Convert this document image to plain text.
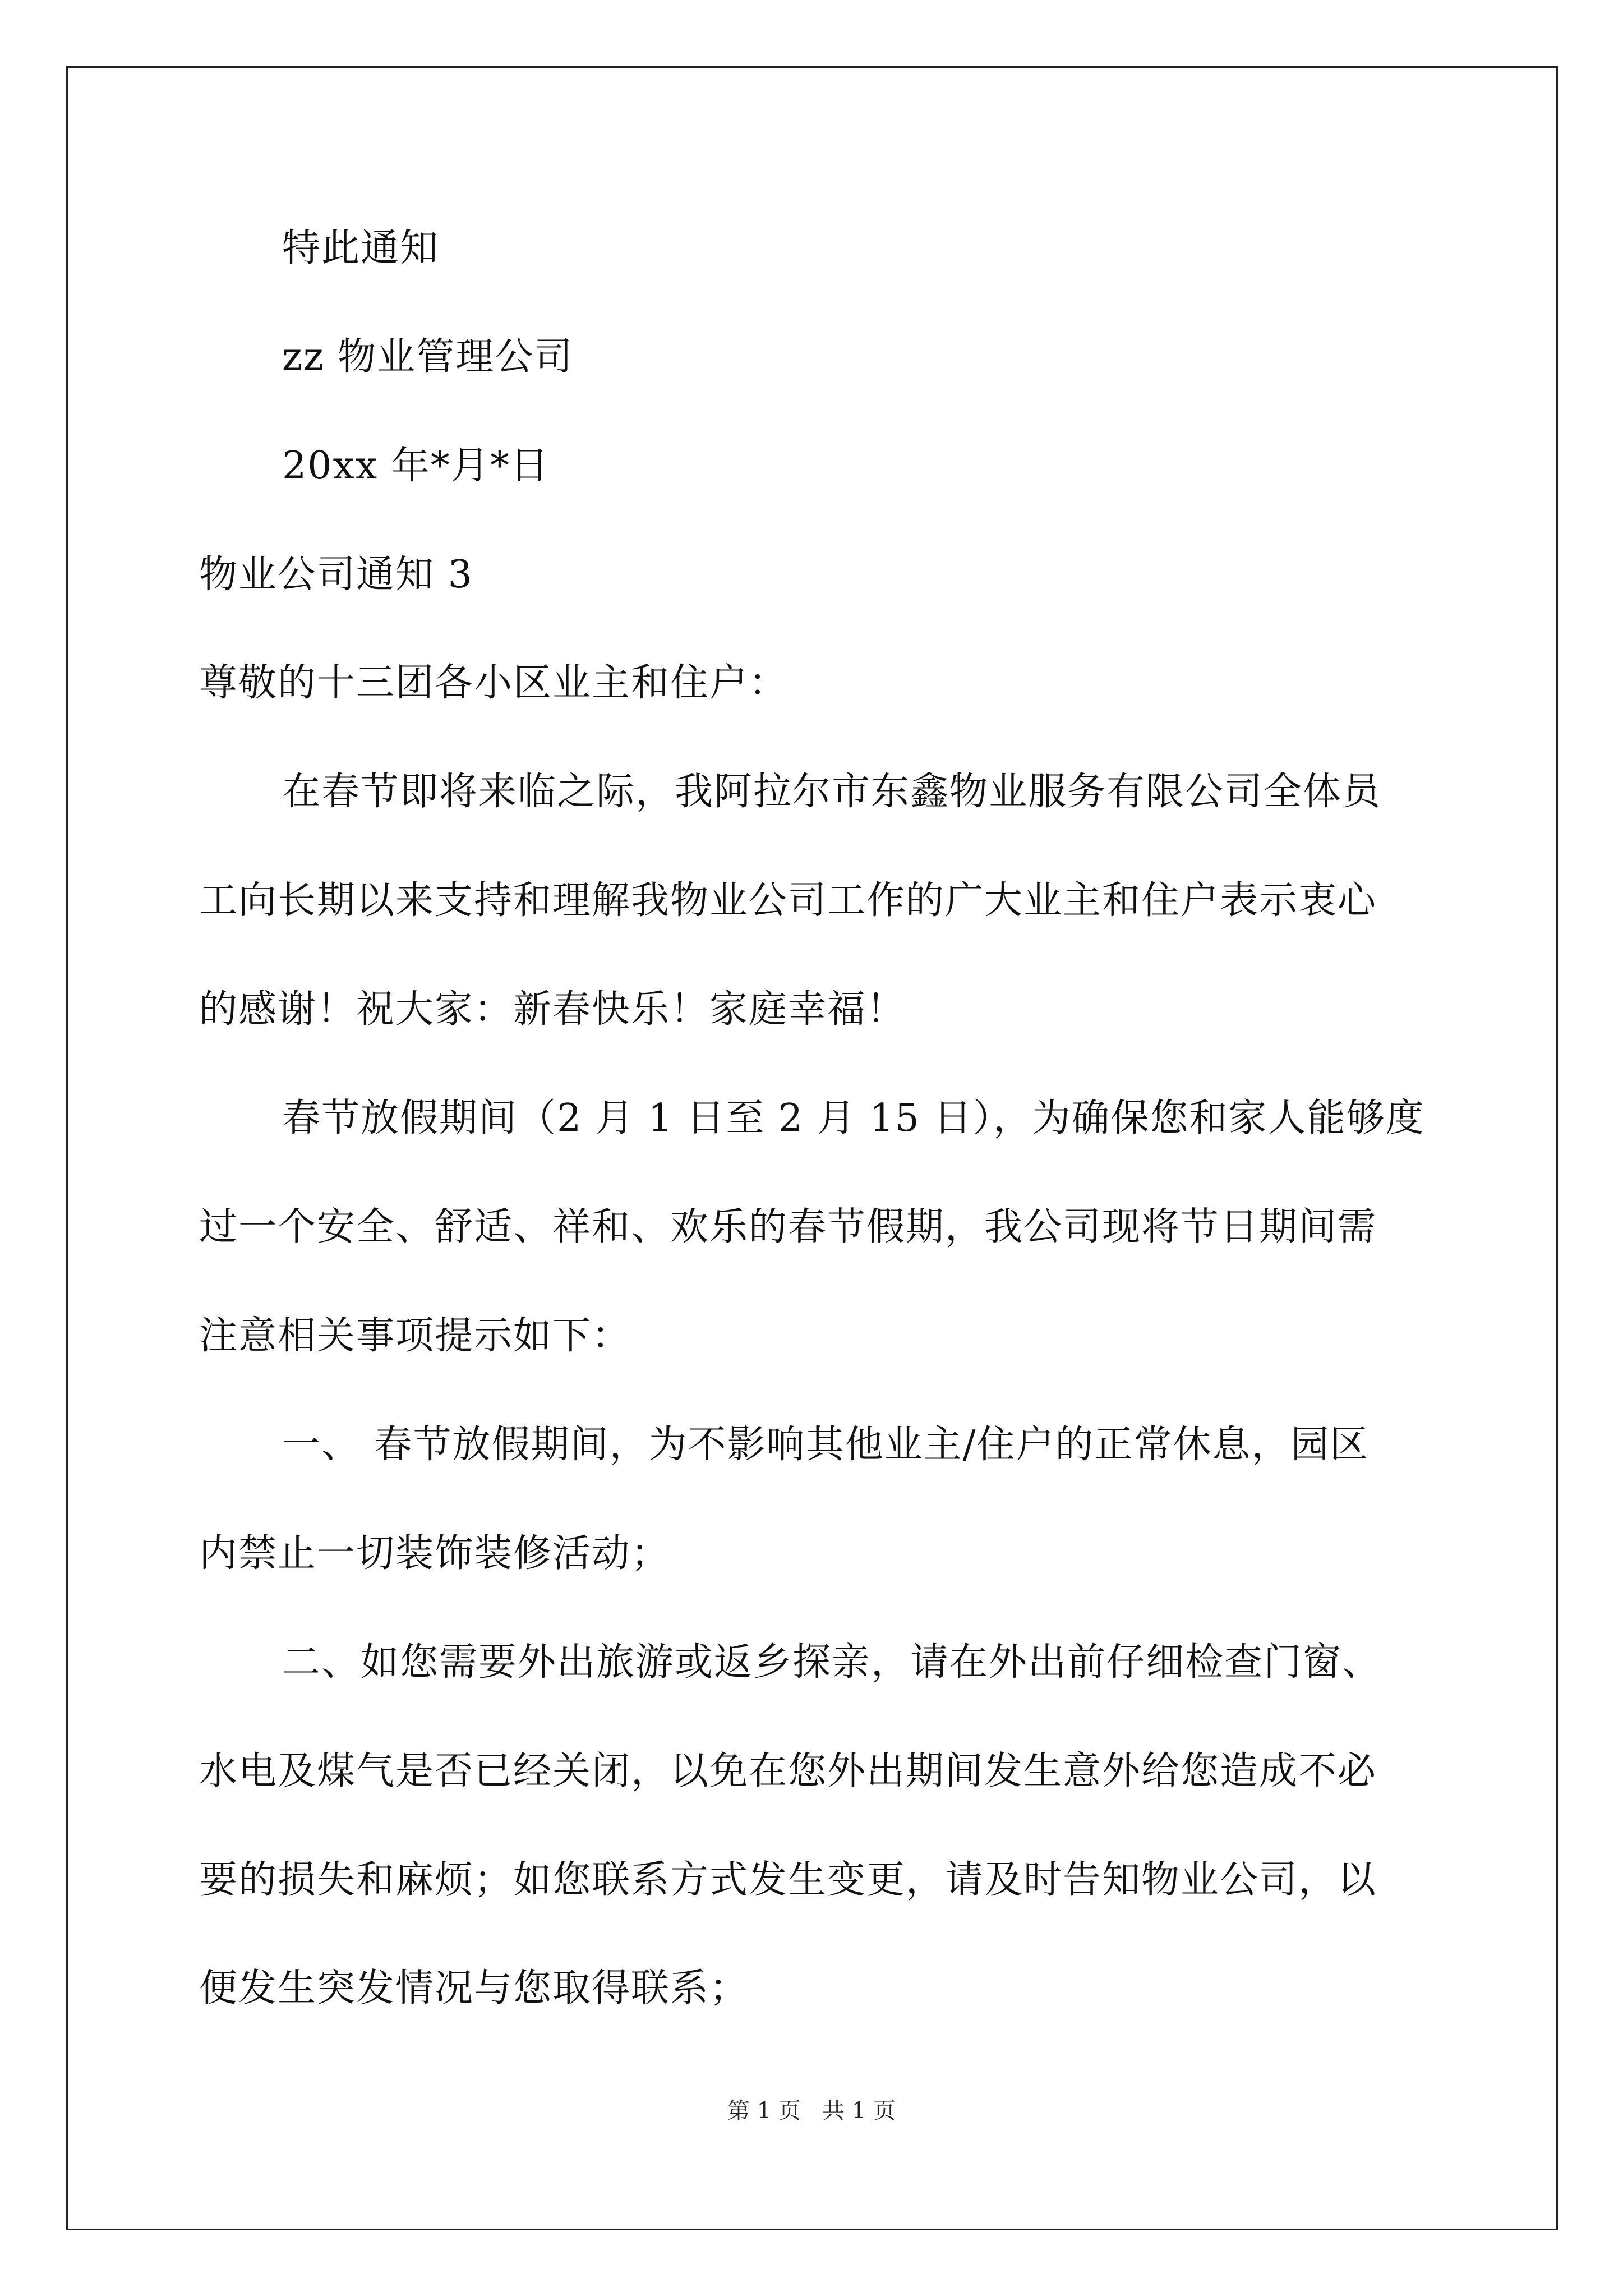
特此通知
zz 物业管理公司
20xx 年*月*日
物业公司通知 3
尊敬的十三团各小区业主和住户：
在春节即将来临之际，我阿拉尔市东鑫物业服务有限公司全体员
工向长期以来支持和理解我物业公司工作的广大业主和住户表示衷心
的感谢！祝大家：新春快乐！家庭幸福！
春节放假期间（2 月 1 日至 2 月 15 日），为确保您和家人能够度
过一个安全、舒适、祥和、欢乐的春节假期，我公司现将节日期间需
注意相关事项提示如下：
一、 春节放假期间，为不影响其他业主/住户的正常休息，园区
内禁止一切装饰装修活动；
二、如您需要外出旅游或返乡探亲，请在外出前仔细检查门窗、
水电及煤气是否已经关闭，以免在您外出期间发生意外给您造成不必
要的损失和麻烦；如您联系方式发生变更，请及时告知物业公司，以
便发生突发情况与您取得联系；
第 1 页   共 1 页
